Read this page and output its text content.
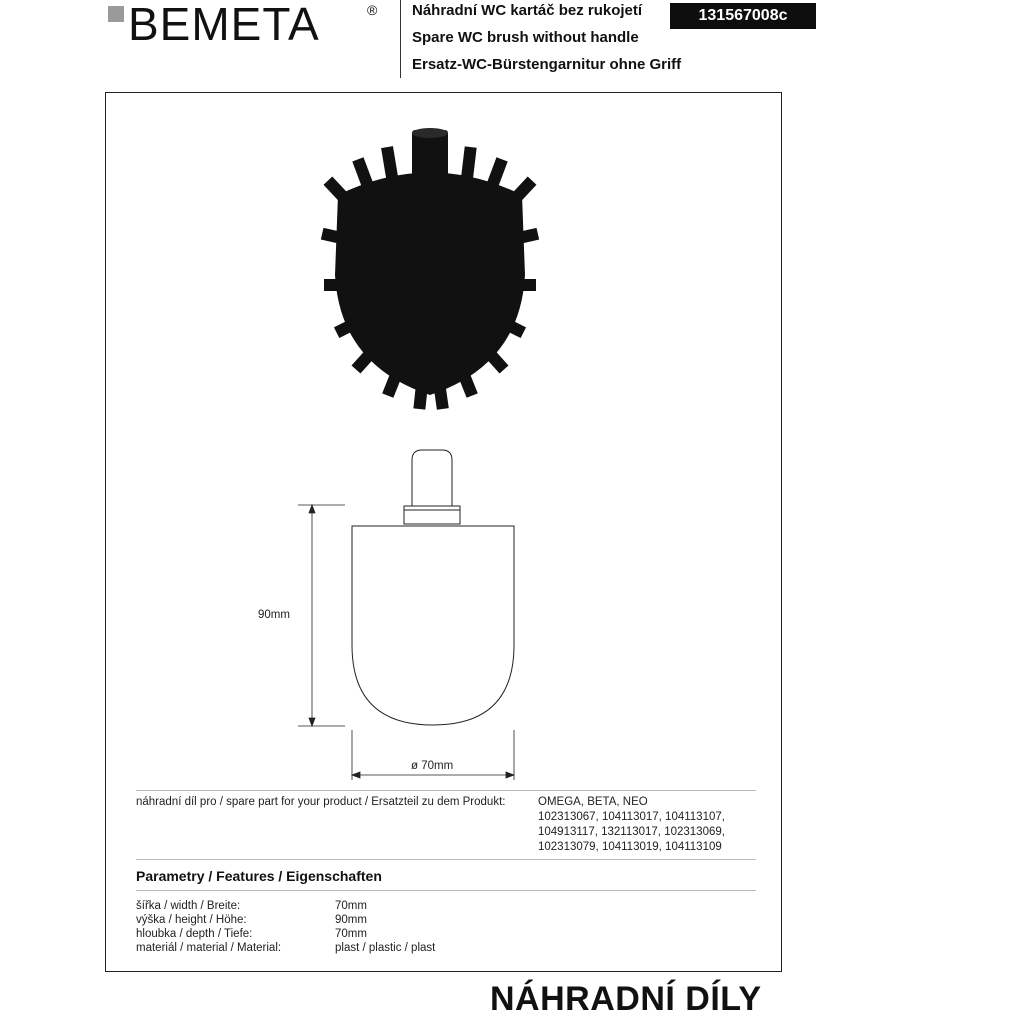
BEMETA	® Náhradní WC kartáč bez rukojetí
Spare WC brush without handle
Ersatz-WC-Bürstengarnitur ohne Griff
131567008c
90mm
ø 70mm
náhradní díl pro / spare part for your product / Ersatzteil zu dem Produkt:	OMEGA, BETA, NEO
102313067, 104113017, 104113107,
104913117, 132113017, 102313069,
102313079, 104113019, 104113109
Parametry / Features / Eigenschaften
šířka / width / Breite:	70mm
výška / height / Höhe:	90mm
hloubka / depth / Tiefe:	70mm
materiál / material / Material:	plast / plastic / plast
NÁHRADNÍ DÍLY
